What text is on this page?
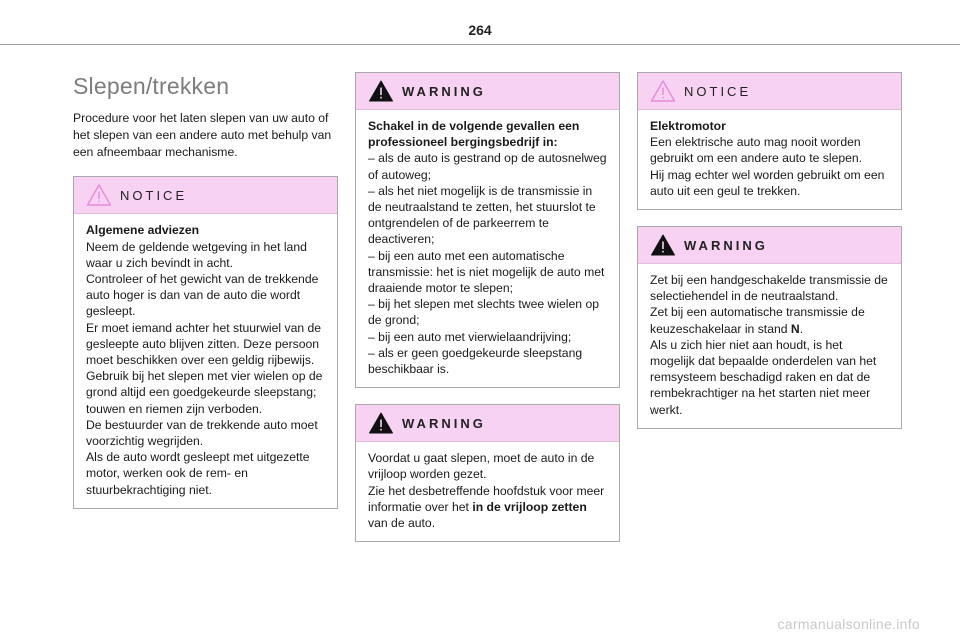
264
Slepen/trekken

Procedure voor het laten slepen van uw auto of het slepen van een andere auto met behulp van een afneembaar mechanisme.

NOTICE
Algemene adviezen

Neem de geldende wetgeving in het land waar u zich bevindt in acht.

Controleer of het gewicht van de trekkende auto hoger is dan van de auto die wordt gesleept.

Er moet iemand achter het stuurwiel van de gesleepte auto blijven zitten. Deze persoon moet beschikken over een geldig rijbewijs.

Gebruik bij het slepen met vier wielen op de grond altijd een goedgekeurde sleepstang; touwen en riemen zijn verboden.

De bestuurder van de trekkende auto moet voorzichtig wegrijden.

Als de auto wordt gesleept met uitgezette motor, werken ook de rem- en stuurbekrachtiging niet.

WARNING
Schakel in de volgende gevallen een professioneel bergingsbedrijf in:

– als de auto is gestrand op de autosnelweg of autoweg;

– als het niet mogelijk is de transmissie in de neutraalstand te zetten, het stuurslot te ontgrendelen of de parkeerrem te deactiveren;

– bij een auto met een automatische transmissie: het is niet mogelijk de auto met draaiende motor te slepen;

– bij het slepen met slechts twee wielen op de grond;

– bij een auto met vierwielaandrijving;

– als er geen goedgekeurde sleepstang beschikbaar is.

WARNING

Voordat u gaat slepen, moet de auto in de vrijloop worden gezet.

Zie het desbetreffende hoofdstuk voor meer informatie over het in de vrijloop zetten van de auto.

NOTICE
Elektromotor

Een elektrische auto mag nooit worden gebruikt om een andere auto te slepen.

Hij mag echter wel worden gebruikt om een auto uit een geul te trekken.

WARNING

Zet bij een handgeschakelde transmissie de selectiehendel in de neutraalstand.

Zet bij een automatische transmissie de keuzeschakelaar in stand N.

Als u zich hier niet aan houdt, is het mogelijk dat bepaalde onderdelen van het remsysteem beschadigd raken en dat de rembekrachtiger na het starten niet meer werkt.

carmanualsonline.info
